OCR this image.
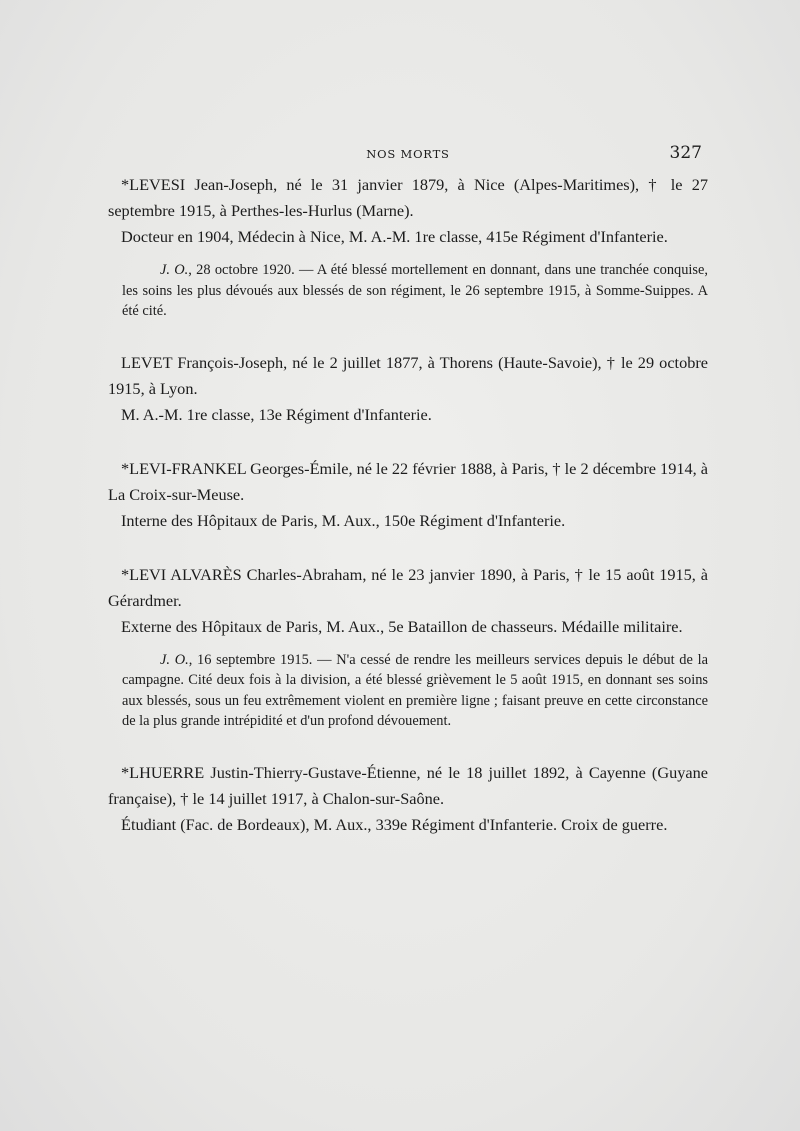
NOS MORTS	327
*LEVESI Jean-Joseph, né le 31 janvier 1879, à Nice (Alpes-Maritimes), † le 27 septembre 1915, à Perthes-les-Hurlus (Marne).
Docteur en 1904, Médecin à Nice, M. A.-M. 1re classe, 415e Régiment d'Infanterie.
J. O., 28 octobre 1920. — A été blessé mortellement en donnant, dans une tranchée conquise, les soins les plus dévoués aux blessés de son régiment, le 26 septembre 1915, à Somme-Suippes. A été cité.
LEVET François-Joseph, né le 2 juillet 1877, à Thorens (Haute-Savoie), † le 29 octobre 1915, à Lyon.
M. A.-M. 1re classe, 13e Régiment d'Infanterie.
*LEVI-FRANKEL Georges-Émile, né le 22 février 1888, à Paris, † le 2 décembre 1914, à La Croix-sur-Meuse.
Interne des Hôpitaux de Paris, M. Aux., 150e Régiment d'Infanterie.
*LEVI ALVARÈS Charles-Abraham, né le 23 janvier 1890, à Paris, † le 15 août 1915, à Gérardmer.
Externe des Hôpitaux de Paris, M. Aux., 5e Bataillon de chasseurs. Médaille militaire.
J. O., 16 septembre 1915. — N'a cessé de rendre les meilleurs services depuis le début de la campagne. Cité deux fois à la division, a été blessé grièvement le 5 août 1915, en donnant ses soins aux blessés, sous un feu extrêmement violent en première ligne ; faisant preuve en cette circonstance de la plus grande intrépidité et d'un profond dévouement.
*LHUERRE Justin-Thierry-Gustave-Étienne, né le 18 juillet 1892, à Cayenne (Guyane française), † le 14 juillet 1917, à Chalon-sur-Saône.
Étudiant (Fac. de Bordeaux), M. Aux., 339e Régiment d'Infanterie. Croix de guerre.
